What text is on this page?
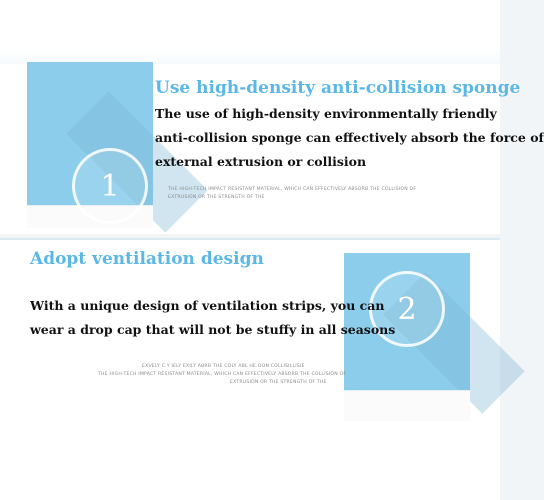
1
Use high-density anti-collision sponge
The use of high-density environmentally friendly
anti-collision sponge can effectively absorb the force of
external extrusion or collision
THE HIGH-TECH IMPACT RESISTANT MATERIAL, WHICH CAN EFFECTIVELY ABSORB THE COLLISION OF
EXTRUSION OR THE STRENGTH OF THE
2
Adopt ventilation design
With a unique design of ventilation strips, you can
wear a drop cap that will not be stuffy in all seasons
EXVELY C.Y IELY EXILY ABRB THE COLY ABL HE.OON COLLISILLISIE
THE HIGH-TECH IMPACT RESISTANT MATERIAL, WHICH CAN EFFECTIVELY ABSORB THE COLLISION OF
EXTRUSION OR THE STRENGTH OF THE
